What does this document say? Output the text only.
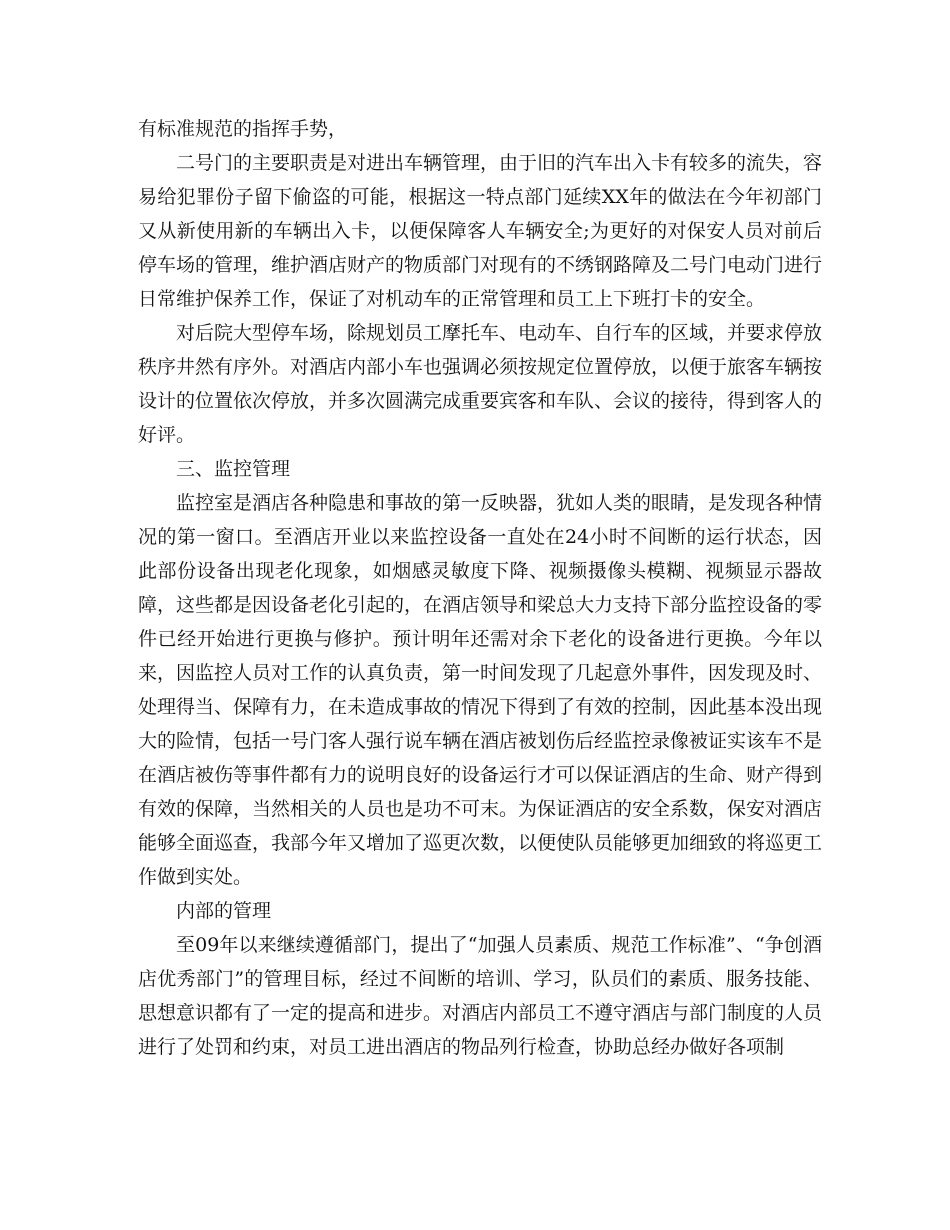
有标准规范的指挥手势，

二号门的主要职责是对进出车辆管理，由于旧的汽车出入卡有较多的流失，容易给犯罪份子留下偷盗的可能，根据这一特点部门延续XX年的做法在今年初部门又从新使用新的车辆出入卡，以便保障客人车辆安全;为更好的对保安人员对前后停车场的管理，维护酒店财产的物质部门对现有的不绣钢路障及二号门电动门进行日常维护保养工作，保证了对机动车的正常管理和员工上下班打卡的安全。

对后院大型停车场，除规划员工摩托车、电动车、自行车的区域，并要求停放秩序井然有序外。对酒店内部小车也强调必须按规定位置停放，以便于旅客车辆按设计的位置依次停放，并多次圆满完成重要宾客和车队、会议的接待，得到客人的好评。

三、监控管理

监控室是酒店各种隐患和事故的第一反映器，犹如人类的眼睛，是发现各种情况的第一窗口。至酒店开业以来监控设备一直处在24小时不间断的运行状态，因此部份设备出现老化现象，如烟感灵敏度下降、视频摄像头模糊、视频显示器故障，这些都是因设备老化引起的，在酒店领导和梁总大力支持下部分监控设备的零件已经开始进行更换与修护。预计明年还需对余下老化的设备进行更换。今年以来，因监控人员对工作的认真负责，第一时间发现了几起意外事件，因发现及时、处理得当、保障有力，在未造成事故的情况下得到了有效的控制，因此基本没出现大的险情，包括一号门客人强行说车辆在酒店被划伤后经监控录像被证实该车不是在酒店被伤等事件都有力的说明良好的设备运行才可以保证酒店的生命、财产得到有效的保障，当然相关的人员也是功不可末。为保证酒店的安全系数，保安对酒店能够全面巡查，我部今年又增加了巡更次数，以便使队员能够更加细致的将巡更工作做到实处。

内部的管理

至09年以来继续遵循部门，提出了“加强人员素质、规范工作标准”、“争创酒店优秀部门”的管理目标，经过不间断的培训、学习，队员们的素质、服务技能、思想意识都有了一定的提高和进步。对酒店内部员工不遵守酒店与部门制度的人员进行了处罚和约束，对员工进出酒店的物品列行检查，协助总经办做好各项制
